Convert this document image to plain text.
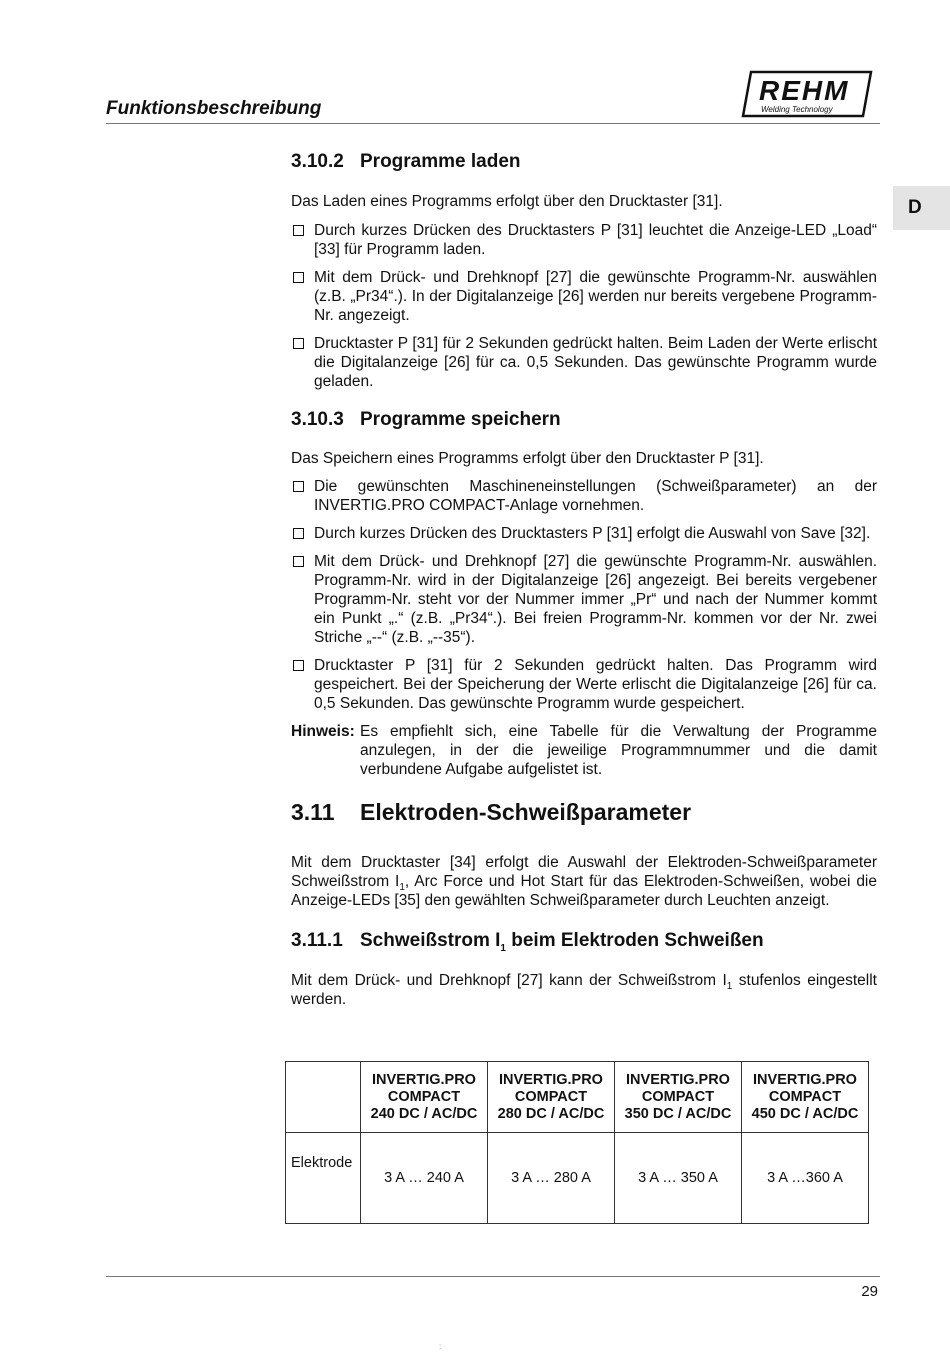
Funktionsbeschreibung
REHM
Welding Technology
D
3.10.2 Programme laden

Das Laden eines Programms erfolgt über den Drucktaster [31].

Durch kurzes Drücken des Drucktasters P [31] leuchtet die Anzeige-LED „Load“ [33] für Programm laden.
Mit dem Drück- und Drehknopf [27] die gewünschte Programm-Nr. auswählen (z.B. „Pr34“.). In der Digitalanzeige [26] werden nur bereits vergebene Programm-Nr. angezeigt.
Drucktaster P [31] für 2 Sekunden gedrückt halten. Beim Laden der Werte erlischt die Digitalanzeige [26] für ca. 0,5 Sekunden. Das gewünschte Programm wurde geladen.
3.10.3 Programme speichern

Das Speichern eines Programms erfolgt über den Drucktaster P [31].

Die gewünschten Maschineneinstellungen (Schweißparameter) an der INVERTIG.PRO COMPACT-Anlage vornehmen.
Durch kurzes Drücken des Drucktasters P [31] erfolgt die Auswahl von Save [32].
Mit dem Drück- und Drehknopf [27] die gewünschte Programm-Nr. auswählen. Programm-Nr. wird in der Digitalanzeige [26] angezeigt. Bei bereits vergebener Programm-Nr. steht vor der Nummer immer „Pr“ und nach der Nummer kommt ein Punkt „.“ (z.B. „Pr34“.). Bei freien Programm-Nr. kommen vor der Nr. zwei Striche „--“ (z.B. „--35“).
Drucktaster P [31] für 2 Sekunden gedrückt halten. Das Programm wird gespeichert. Bei der Speicherung der Werte erlischt die Digitalanzeige [26] für ca. 0,5 Sekunden. Das gewünschte Programm wurde gespeichert.
Hinweis: Es empfiehlt sich, eine Tabelle für die Verwaltung der Programme anzulegen, in der die jeweilige Programmnummer und die damit verbundene Aufgabe aufgelistet ist.
3.11 Elektroden-Schweißparameter

Mit dem Drucktaster [34] erfolgt die Auswahl der Elektroden-Schweißparameter Schweißstrom $I_1$, Arc Force und Hot Start für das Elektroden-Schweißen, wobei die Anzeige-LEDs [35] den gewählten Schweißparameter durch Leuchten anzeigt.

3.11.1 Schweißstrom $I_1$ beim Elektroden Schweißen

Mit dem Drück- und Drehknopf [27] kann der Schweißstrom $I_1$ stufenlos eingestellt werden.

	INVERTIG.PRO
COMPACT
240 DC / AC/DC	INVERTIG.PRO
COMPACT
280 DC / AC/DC	INVERTIG.PRO
COMPACT
350 DC / AC/DC	INVERTIG.PRO
COMPACT
450 DC / AC/DC
Elektrode	3 A … 240 A	3 A … 280 A	3 A … 350 A	3 A …360 A
29
:
